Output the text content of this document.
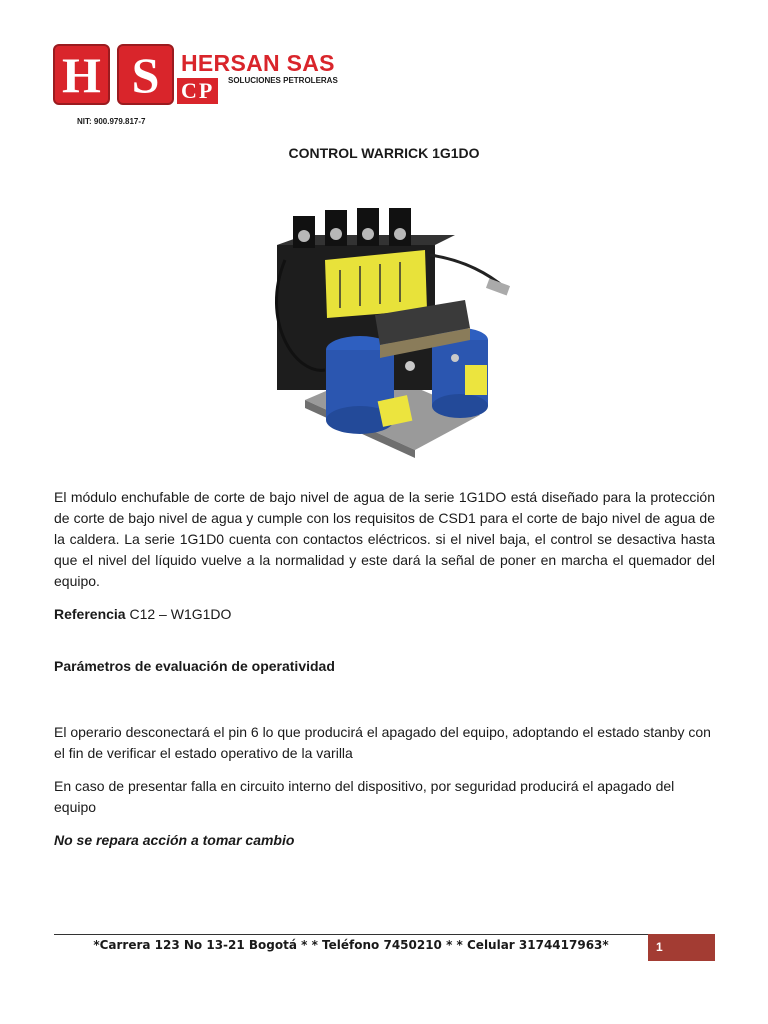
H S CP
HERSAN SAS
SOLUCIONES PETROLERAS
NIT: 900.979.817-7
CONTROL WARRICK 1G1DO

El módulo enchufable de corte de bajo nivel de agua de la serie 1G1DO está diseñado para la protección de corte de bajo nivel de agua y cumple con los requisitos de CSD1 para el corte de bajo nivel de agua de la caldera. La serie 1G1D0 cuenta con contactos eléctricos. si el nivel baja, el control se desactiva hasta que el nivel del líquido vuelve a la normalidad y este dará la señal de poner en marcha el quemador del equipo.

Referencia C12 – W1G1DO

Parámetros de evaluación de operatividad

El operario desconectará el pin 6 lo que producirá el apagado del equipo, adoptando el estado stanby con el fin de verificar el estado operativo de la varilla

En caso de presentar falla en circuito interno del dispositivo, por seguridad producirá el apagado del equipo

No se repara acción a tomar cambio

*Carrera 123 No 13-21 Bogotá * * Teléfono 7450210 * * Celular 3174417963*	1
